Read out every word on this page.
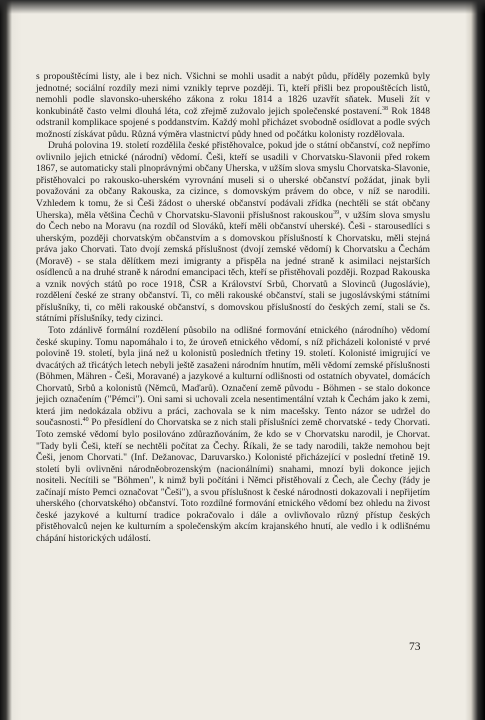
s propouštěcími listy, ale i bez nich. Všichni se mohli usadit a nabýt půdu, přídělу pozemků byly jednotné; sociální rozdíly mezi nimi vznikly teprve později. Ti, kteří přišli bez propouštěcích listů, nemohli podle slavonsko-uherského zákona z roku 1814 a 1826 uzavřít sňatek. Museli žít v konkubinátě často velmi dlouhá léta, což zřejmě zužovalo jejich společenské postavení.$^{38}$ Rok 1848 odstranil komplikace spojené s poddanstvím. Každý mohl přicházet svobodně osídlovat a podle svých možností získávat půdu. Různá výměra vlastnictví půdy hned od počátku kolonisty rozdělovala.

Druhá polovina 19. století rozdělila české přistěhovalce, pokud jde o státní občanství, což nepřímo ovlivnilo jejich etnické (národní) vědomí. Češi, kteří se usadili v Chorvatsku-Slavonii před rokem 1867, se automaticky stali plnoprávnými občany Uherska, v užším slova smyslu Chorvatska-Slavonie, přistěhovalci po rakousko-uherském vyrovnání museli si o uherské občanství požádat, jinak byli považováni za občany Rakouska, za cizince, s domovským právem do obce, v níž se narodili. Vzhledem k tomu, že si Češi žádost o uherské občanství podávali zřídka (nechtěli se stát občany Uherska), měla většina Čechů v Chorvatsku-Slavonii příslušnost rakouskou$^{39}$, v užším slova smyslu do Čech nebo na Moravu (na rozdíl od Slováků, kteří měli občanství uherské). Češi - starousedlíci s uherským, později chorvatským občanstvím a s domovskou příslušností k Chorvatsku, měli stejná práva jako Chorvati. Tato dvojí zemská příslušnost (dvojí zemské vědomí) k Chorvatsku a Čechám (Moravě) - se stala dělítkem mezi imigranty a přispěla na jedné straně k asimilaci nejstarších osídlenců a na druhé straně k národní emancipaci těch, kteří se přistěhovali později. Rozpad Rakouska a vznik nových států po roce 1918, ČSR a Království Srbů, Chorvatů a Slovinců (Jugoslávie), rozdělení české ze strany občanství. Ti, co měli rakouské občanství, stali se jugoslávskými státními příslušníky, ti, co měli rakouské občanství, s domovskou příslušností do českých zemí, stali se čs. státními příslušníky, tedy cizinci.

Toto zdánlivě formální rozdělení působilo na odlišné formování etnického (národního) vědomí české skupiny. Tomu napomáhalo i to, že úroveň etnického vědomí, s níž přicházeli kolonisté v prvé polovině 19. století, byla jiná než u kolonistů posledních třetiny 19. století. Kolonisté imigrující ve dvacátých až třicátých letech nebyli ještě zasaženi národním hnutím, měli vědomí zemské příslušnosti (Böhmen, Mähren - Češi, Moravané) a jazykové a kulturní odlišnosti od ostatních obyvatel, domácích Chorvatů, Srbů a kolonistů (Němců, Maďarů). Označení země původu - Böhmen - se stalo dokonce jejich označením ("Pémci"). Oni sami si uchovali zcela nesentimentální vztah k Čechám jako k zemi, která jim nedokázala obživu a práci, zachovala se k nim macešsky. Tento názor se udržel do současnosti.$^{40}$ Po přesídlení do Chorvatska se z nich stali příslušníci země chorvatské - tedy Chorvati. Toto zemské vědomí bylo posilováno zdůrazňováním, že kdo se v Chorvatsku narodil, je Chorvat. "Tady byli Češi, kteří se nechtěli počítat za Čechy. Říkali, že se tady narodili, takže nemohou bejt Češi, jenom Chorvati." (Inf. Dežanovac, Daruvarsko.) Kolonisté přicházející v poslední třetině 19. století byli ovlivněni národněobrozenským (nacionálními) snahami, mnozí byli dokonce jejich nositeli. Necítili se "Böhmen", k nimž byli počítáni i Němci přistěhovalí z Čech, ale Čechy (řády je začínají místo Pemci označovat "Češi"), a svou příslušnost k české národnosti dokazovali i nepřijetím uherského (chorvatského) občanství. Toto rozdílné formování etnického vědomí bez ohledu na živost české jazykové a kulturní tradice pokračovalo i dále a ovlivňovalo různý přístup českých přistěhovalců nejen ke kulturním a společenským akcím krajanského hnutí, ale vedlo i k odlišnému chápání historických událostí.

73
